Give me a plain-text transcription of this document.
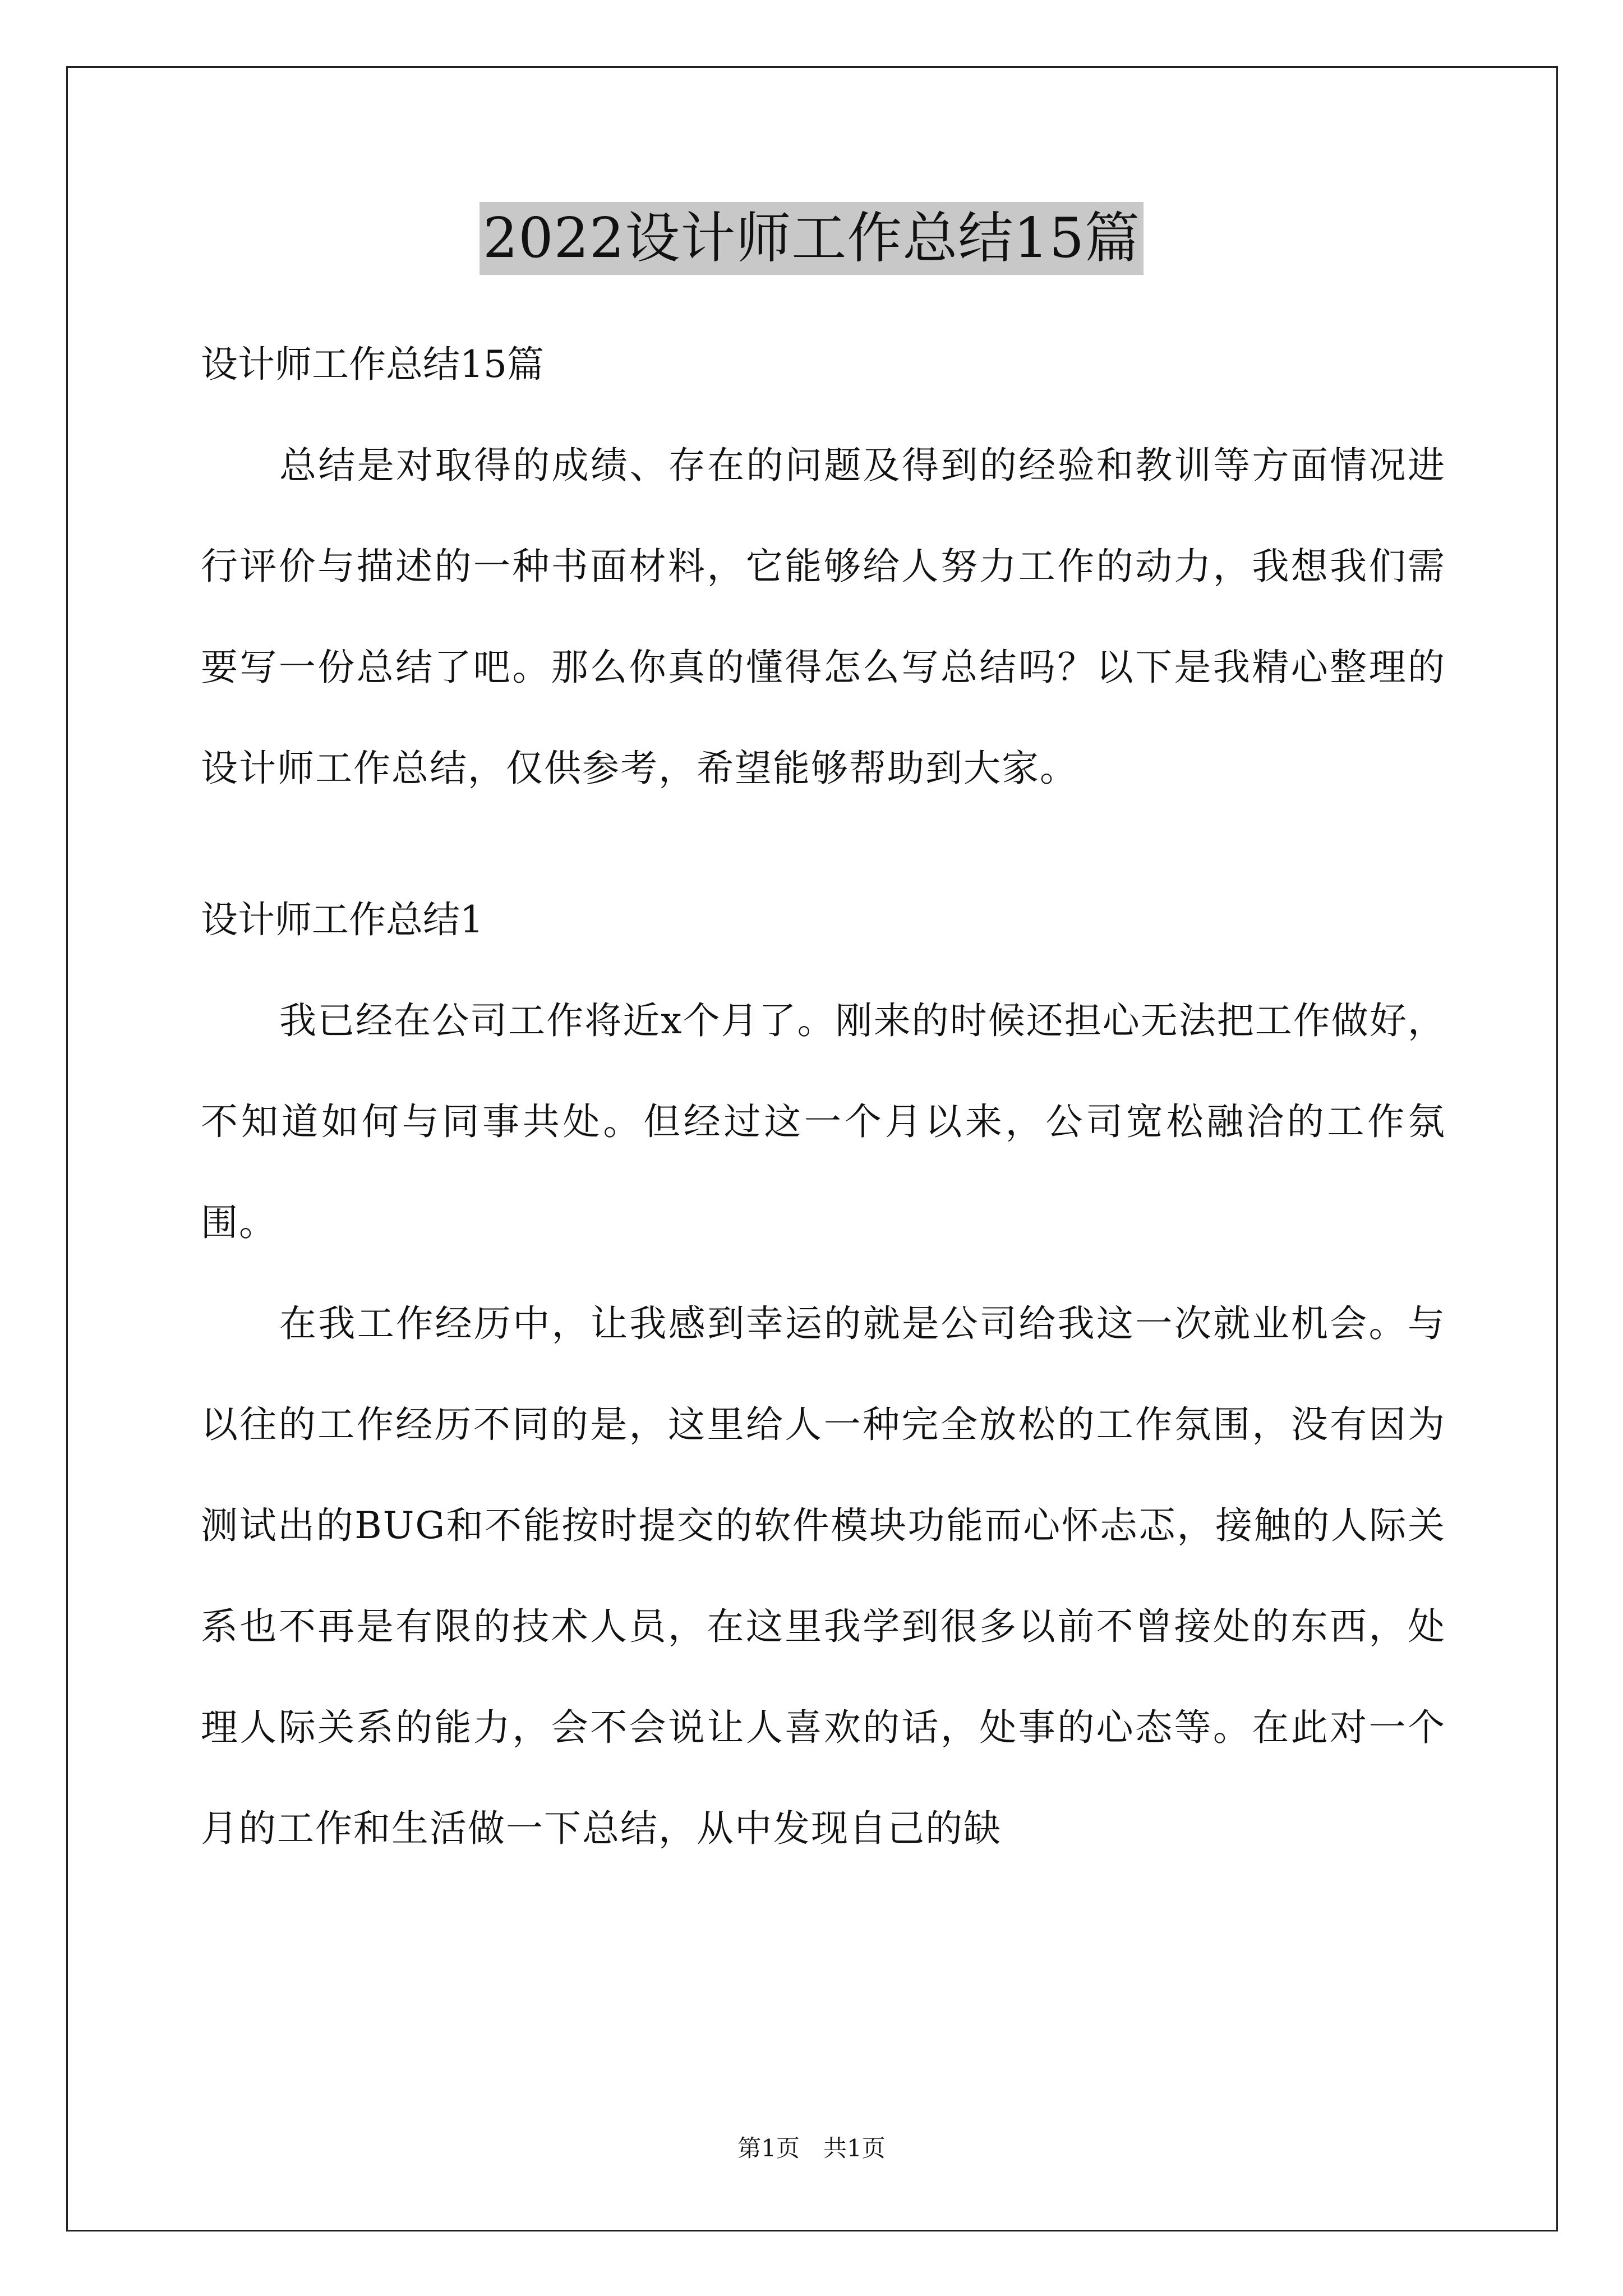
2022设计师工作总结15篇

设计师工作总结15篇

总结是对取得的成绩、存在的问题及得到的经验和教训等方面情况进行评价与描述的一种书面材料，它能够给人努力工作的动力，我想我们需要写一份总结了吧。那么你真的懂得怎么写总结吗？以下是我精心整理的设计师工作总结，仅供参考，希望能够帮助到大家。

设计师工作总结1

我已经在公司工作将近x个月了。刚来的时候还担心无法把工作做好，不知道如何与同事共处。但经过这一个月以来，公司宽松融洽的工作氛围。

在我工作经历中，让我感到幸运的就是公司给我这一次就业机会。与以往的工作经历不同的是，这里给人一种完全放松的工作氛围，没有因为测试出的BUG和不能按时提交的软件模块功能而心怀忐忑，接触的人际关系也不再是有限的技术人员，在这里我学到很多以前不曾接处的东西，处理人际关系的能力，会不会说让人喜欢的话，处事的心态等。在此对一个月的工作和生活做一下总结，从中发现自己的缺

第1页　共1页
